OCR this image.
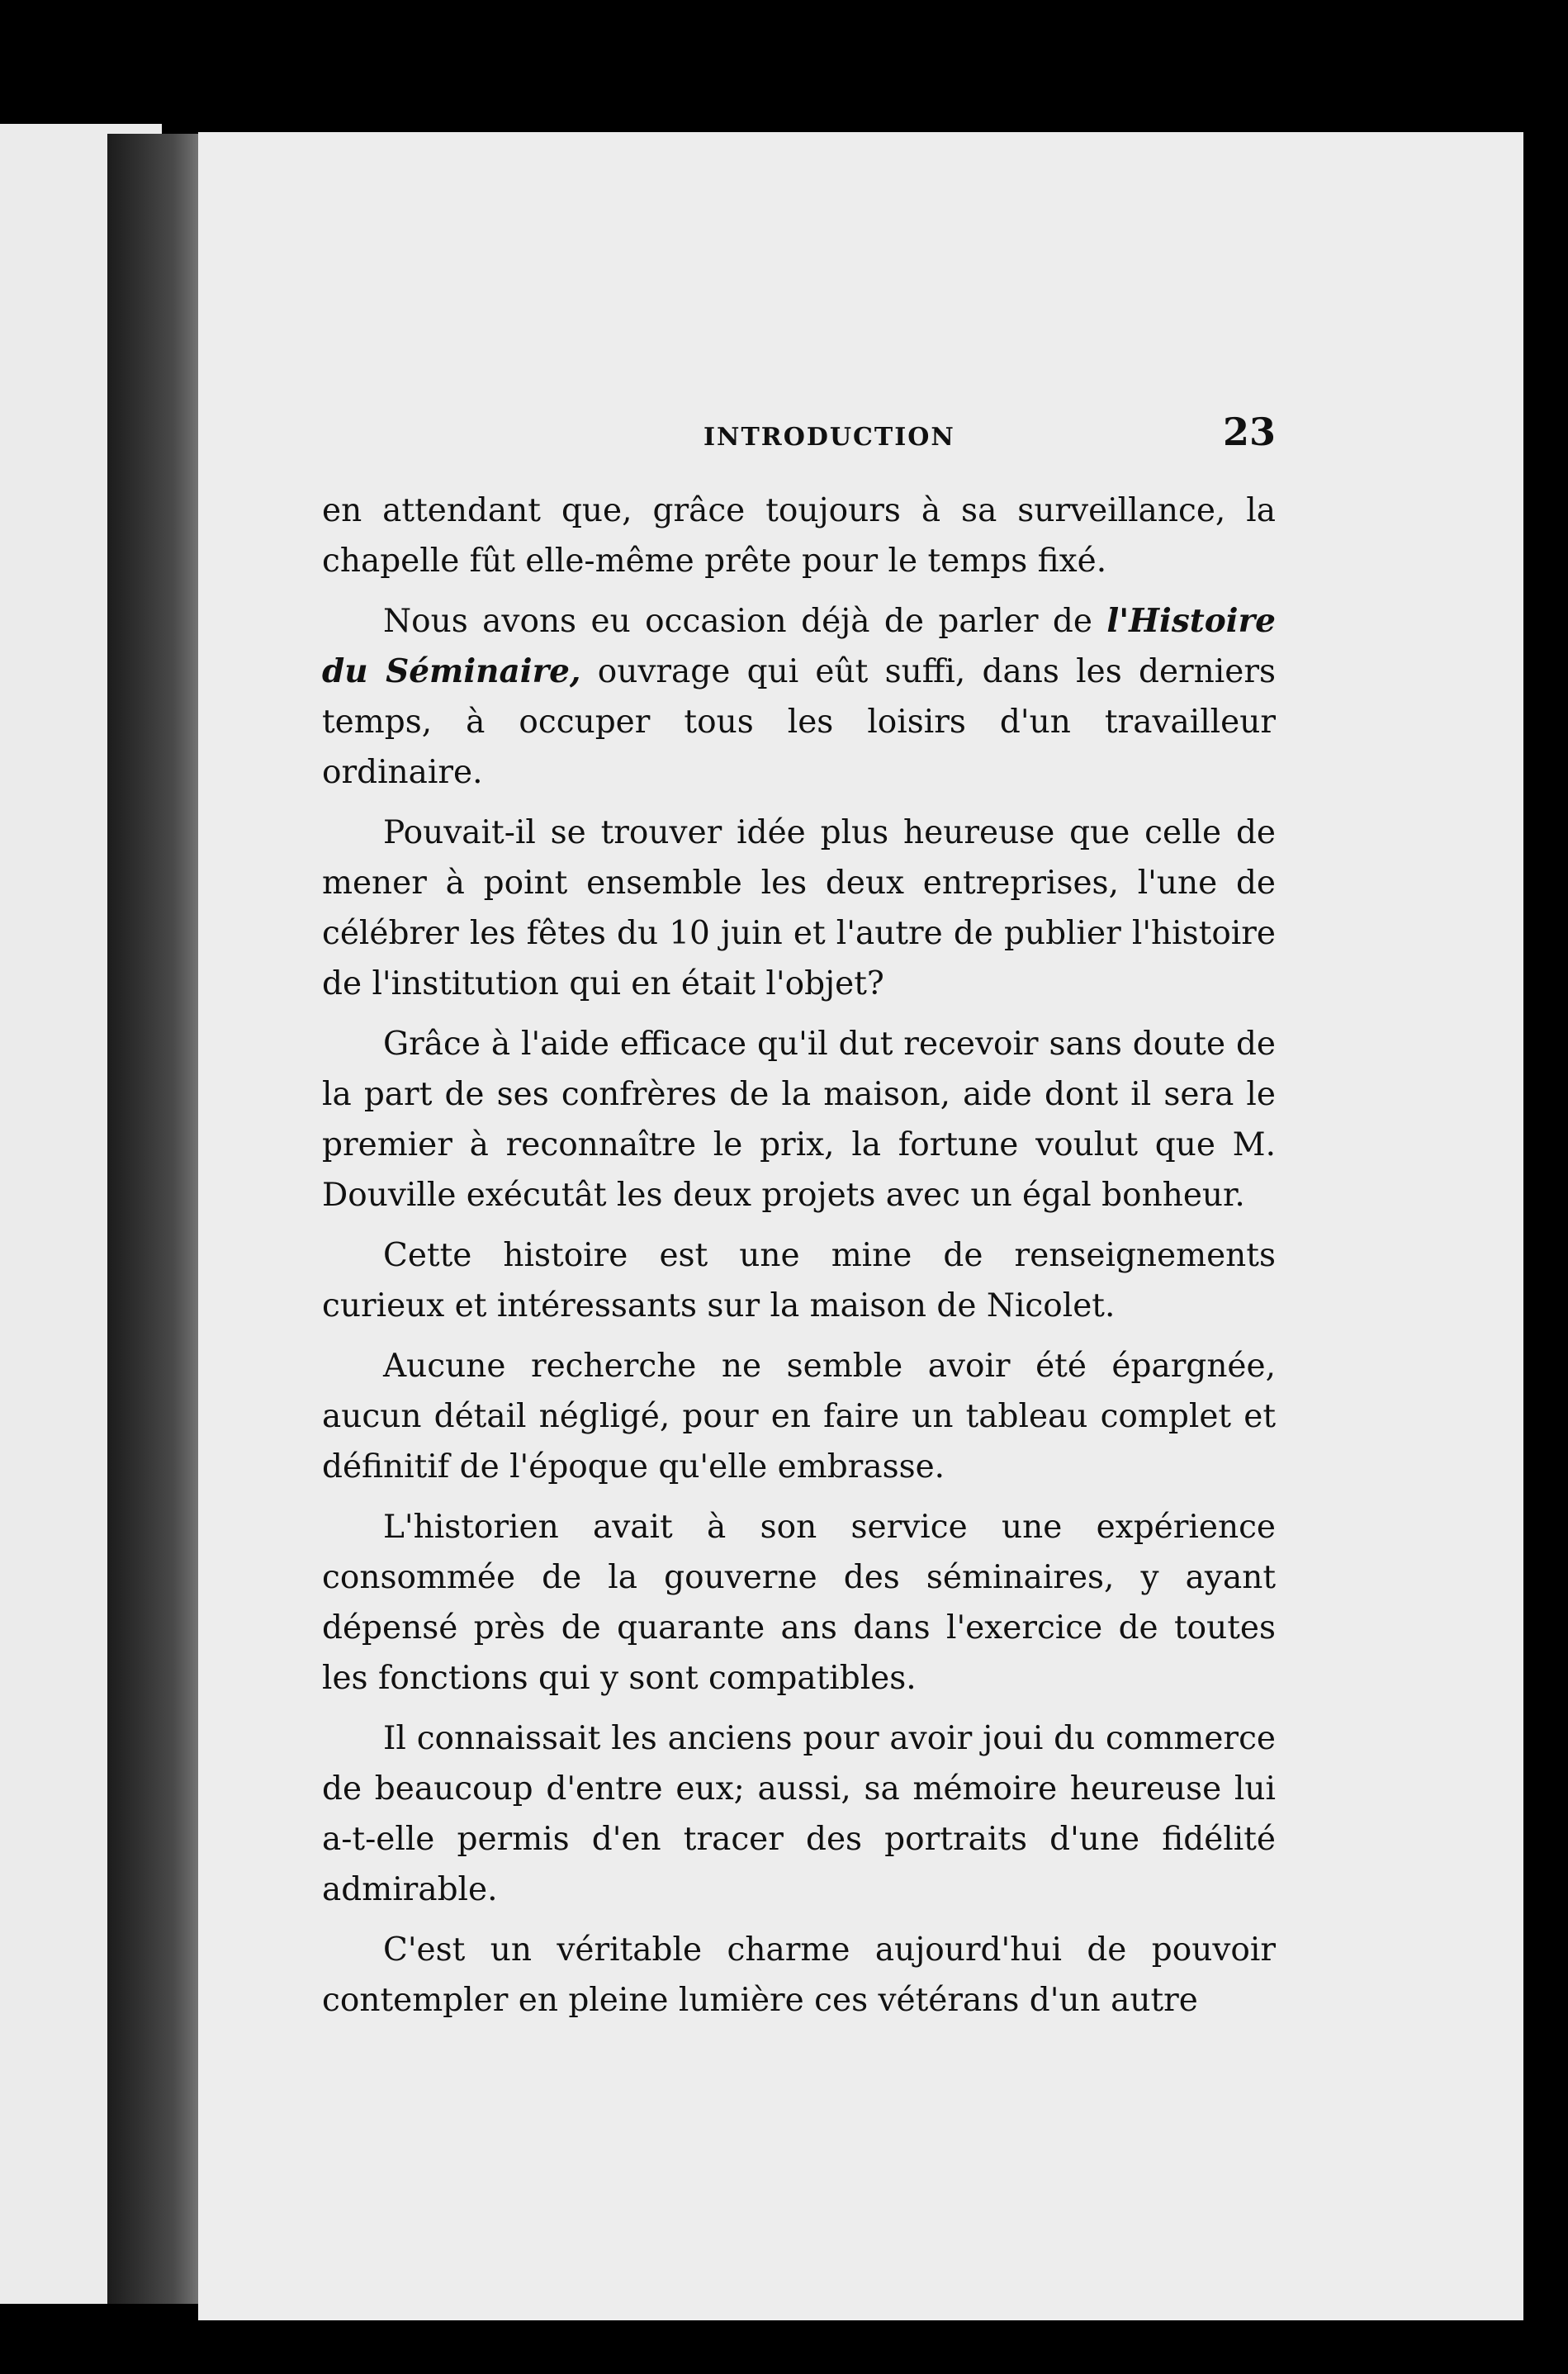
INTRODUCTION	23

en attendant que, grâce toujours à sa surveillance, la chapelle fût elle-même prête pour le temps fixé.

Nous avons eu occasion déjà de parler de l'Histoire du Séminaire, ouvrage qui eût suffi, dans les derniers temps, à occuper tous les loisirs d'un travailleur ordinaire.

Pouvait-il se trouver idée plus heureuse que celle de mener à point ensemble les deux entreprises, l'une de célébrer les fêtes du 10 juin et l'autre de publier l'histoire de l'institution qui en était l'objet?

Grâce à l'aide efficace qu'il dut recevoir sans doute de la part de ses confrères de la maison, aide dont il sera le premier à reconnaître le prix, la fortune voulut que M. Douville exécutât les deux projets avec un égal bonheur.

Cette histoire est une mine de renseignements curieux et intéressants sur la maison de Nicolet.

Aucune recherche ne semble avoir été épargnée, aucun détail négligé, pour en faire un tableau complet et définitif de l'époque qu'elle embrasse.

L'historien avait à son service une expérience consommée de la gouverne des séminaires, y ayant dépensé près de quarante ans dans l'exercice de toutes les fonctions qui y sont compatibles.

Il connaissait les anciens pour avoir joui du commerce de beaucoup d'entre eux; aussi, sa mémoire heureuse lui a-t-elle permis d'en tracer des portraits d'une fidélité admirable.

C'est un véritable charme aujourd'hui de pouvoir contempler en pleine lumière ces vétérans d'un autre
